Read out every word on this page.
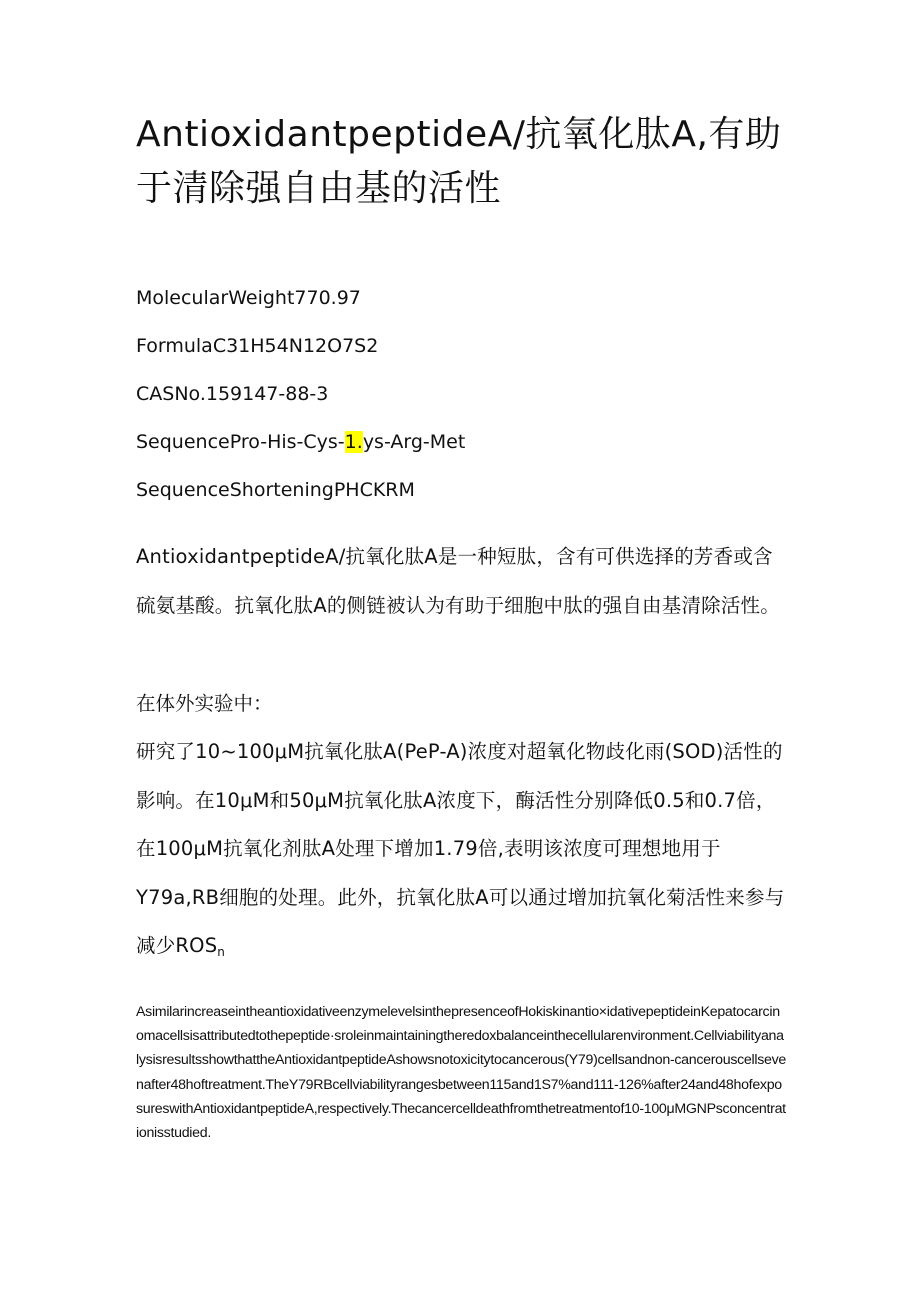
AntioxidantpeptideA/抗氧化肽A,有助于清除强自由基的活性
MolecularWeight770.97
FormulaC31H54N12O7S2
CASNo.159147-88-3
SequencePro-His-Cys-1.ys-Arg-Met
SequenceShorteningPHCKRM

AntioxidantpeptideA/抗氧化肽A是一种短肽，含有可供选择的芳香或含硫氨基酸。抗氧化肽A的侧链被认为有助于细胞中肽的强自由基清除活性。

在体外实验中：

研究了10~100μM抗氧化肽A(PeP-A)浓度对超氧化物歧化雨(SOD)活性的影响。在10μM和50μM抗氧化肽A浓度下，酶活性分别降低0.5和0.7倍，在100μM抗氧化剂肽A处理下增加1.79倍,表明该浓度可理想地用于Y79a,RB细胞的处理。此外，抗氧化肽A可以通过增加抗氧化菊活性来参与减少$ROS_n$

AsimilarincreaseintheantioxidativeenzymelevelsinthepresenceofHokiskinantio×idativepeptideinKepatocarcinomacellsisattributedtothepeptide·sroleinmaintainingtheredoxbalanceinthecellularenvironment.CellviabilityanalysisresultsshowthattheAntioxidantpeptideAshowsnotoxicitytocancerous(Y79)cellsandnon-cancerouscellsevenafter48hoftreatment.TheY79RBcellviabilityrangesbetween115and1S7%and111-126%after24and48hofexposureswithAntioxidantpeptideA,respectively.Thecancercelldeathfromthetreatmentof10-100μMGNPsconcentrationisstudied.
